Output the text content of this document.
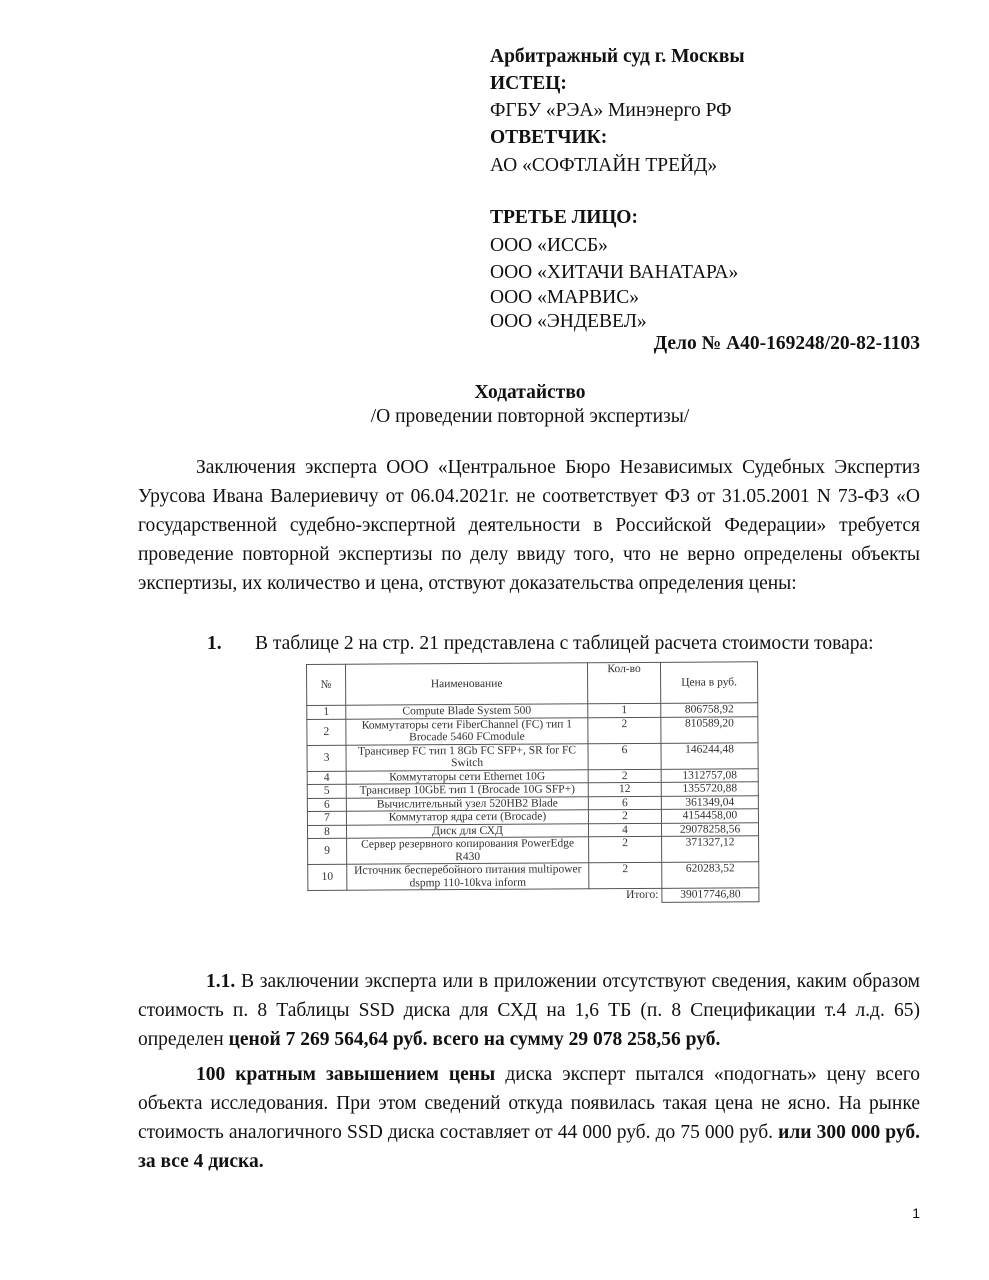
Арбитражный суд г. Москвы
ИСТЕЦ:
ФГБУ «РЭА» Минэнерго РФ
ОТВЕТЧИК:
АО «СОФТЛАЙН ТРЕЙД»
ТРЕТЬЕ ЛИЦО:
ООО «ИССБ»
ООО «ХИТАЧИ ВАНАТАРА»
ООО «МАРВИС»
ООО «ЭНДЕВЕЛ»
Дело № А40-169248/20-82-1103
Ходатайство
/О проведении повторной экспертизы/

Заключения эксперта ООО «Центральное Бюро Независимых Судебных Экспертиз Урусова Ивана Валериевичу от 06.04.2021г. не соответствует ФЗ от 31.05.2001 N 73-ФЗ «О государственной судебно-экспертной деятельности в Российской Федерации» требуется проведение повторной экспертизы по делу ввиду того, что не верно определены объекты экспертизы, их количество и цена, отствуют доказательства определения цены:

1. В таблице 2 на стр. 21 представлена с таблицей расчета стоимости товара:
№	Наименование	Кол-во	Цена в руб.
1	Compute Blade System 500	1	806758,92
2	Коммутаторы сети FiberChannel (FC) тип 1 Brocade 5460 FCmodule	2	810589,20
3	Трансивер FC тип 1 8Gb FC SFP+, SR for FC Switch	6	146244,48
4	Коммутаторы сети Ethernet 10G	2	1312757,08
5	Трансивер 10GbE тип 1 (Brocade 10G SFP+)	12	1355720,88
6	Вычислительный узел 520HB2 Blade	6	361349,04
7	Коммутатор ядра сети (Brocade)	2	4154458,00
8	Диск для СХД	4	29078258,56
9	Сервер резервного копирования PowerEdge R430	2	371327,12
10	Источник бесперебойного питания multipower dspmp 110-10kva inform	2	620283,52
		Итого:	39017746,80

1.1. В заключении эксперта или в приложении отсутствуют сведения, каким образом стоимость п. 8 Таблицы SSD диска для СХД на 1,6 ТБ (п. 8 Спецификации т.4 л.д. 65) определен ценой 7 269 564,64 руб. всего на сумму 29 078 258,56 руб.

100 кратным завышением цены диска эксперт пытался «подогнать» цену всего объекта исследования. При этом сведений откуда появилась такая цена не ясно. На рынке стоимость аналогичного SSD диска составляет от 44 000 руб. до 75 000 руб. или 300 000 руб. за все 4 диска.

1
